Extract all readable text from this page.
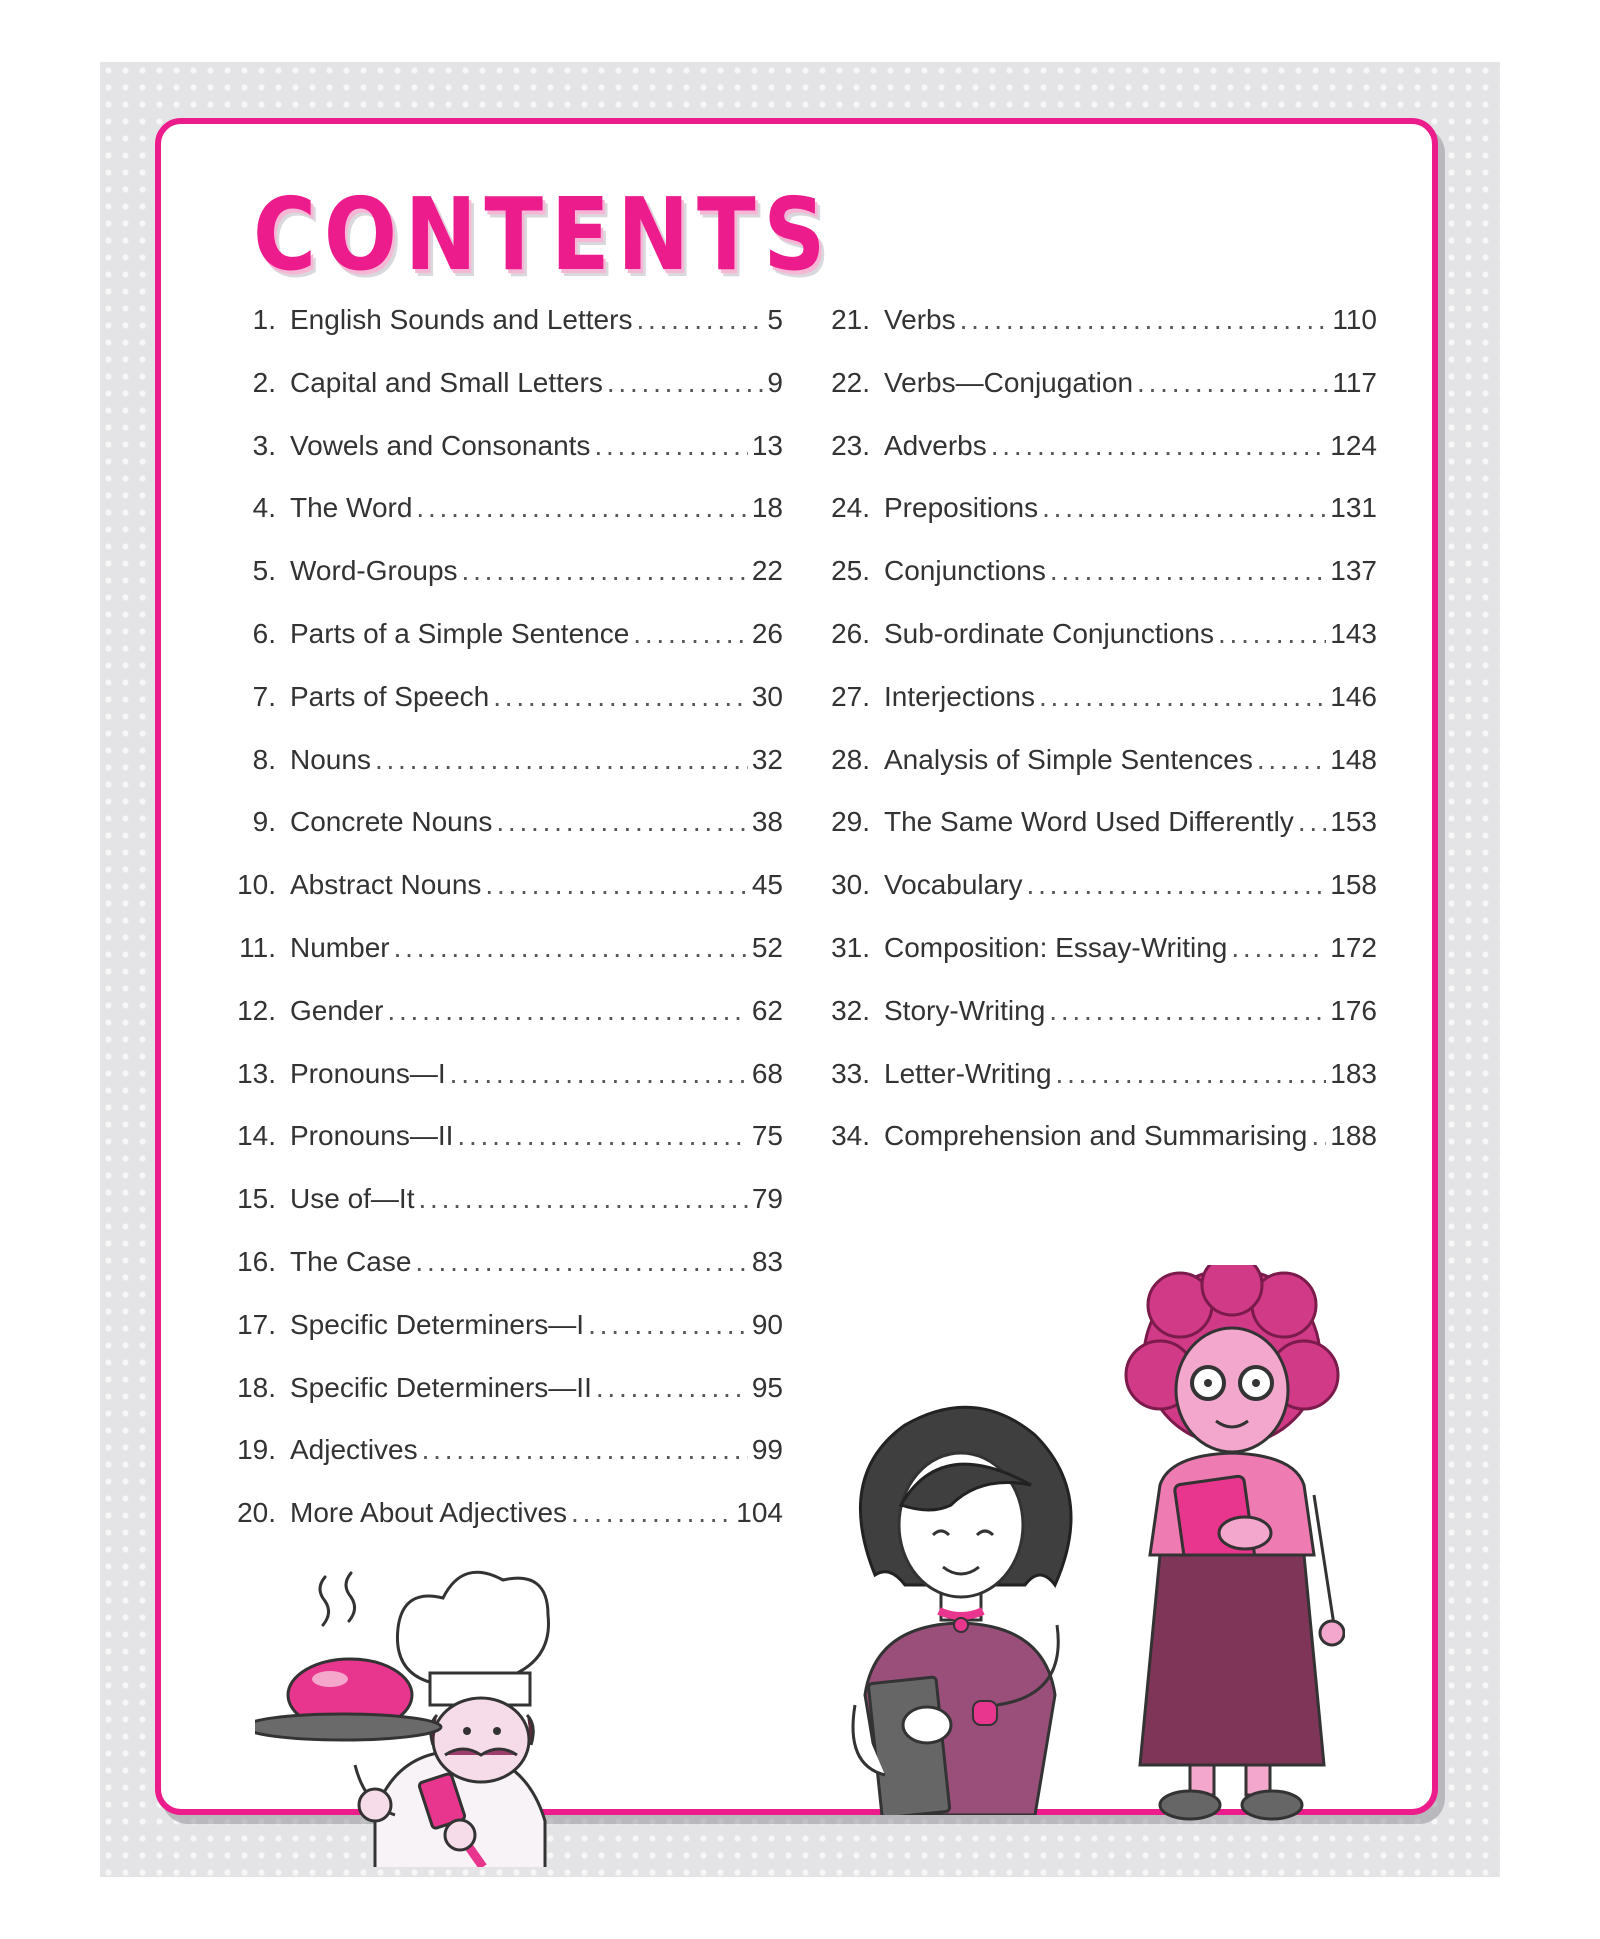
CONTENTS
1. English Sounds and Letters . . .	5
2. Capital and Small Letters . . .	9
3. Vowels and Consonants . . .	13
4. The Word . . .	18
5. Word-Groups . . .	22
6. Parts of a Simple Sentence . . .	26
7. Parts of Speech . . .	30
8. Nouns . . .	32
9. Concrete Nouns . . .	38
10. Abstract Nouns . . .	45
11. Number . . .	52
12. Gender . . .	62
13. Pronouns—I . . .	68
14. Pronouns—II . . .	75
15. Use of—It . . .	79
16. The Case . . .	83
17. Specific Determiners—I . . .	90
18. Specific Determiners—II . . .	95
19. Adjectives . . .	99
20. More About Adjectives . . .	104
21. Verbs . . .	110
22. Verbs—Conjugation . . .	117
23. Adverbs . . .	124
24. Prepositions . . .	131
25. Conjunctions . . .	137
26. Sub-ordinate Conjunctions . . .	143
27. Interjections . . .	146
28. Analysis of Simple Sentences . . .	148
29. The Same Word Used Differently . . . 153
30. Vocabulary . . .	158
31. Composition: Essay-Writing . . .	172
32. Story-Writing . . .	176
33. Letter-Writing . . .	183
34. Comprehension and Summarising . . . 188
